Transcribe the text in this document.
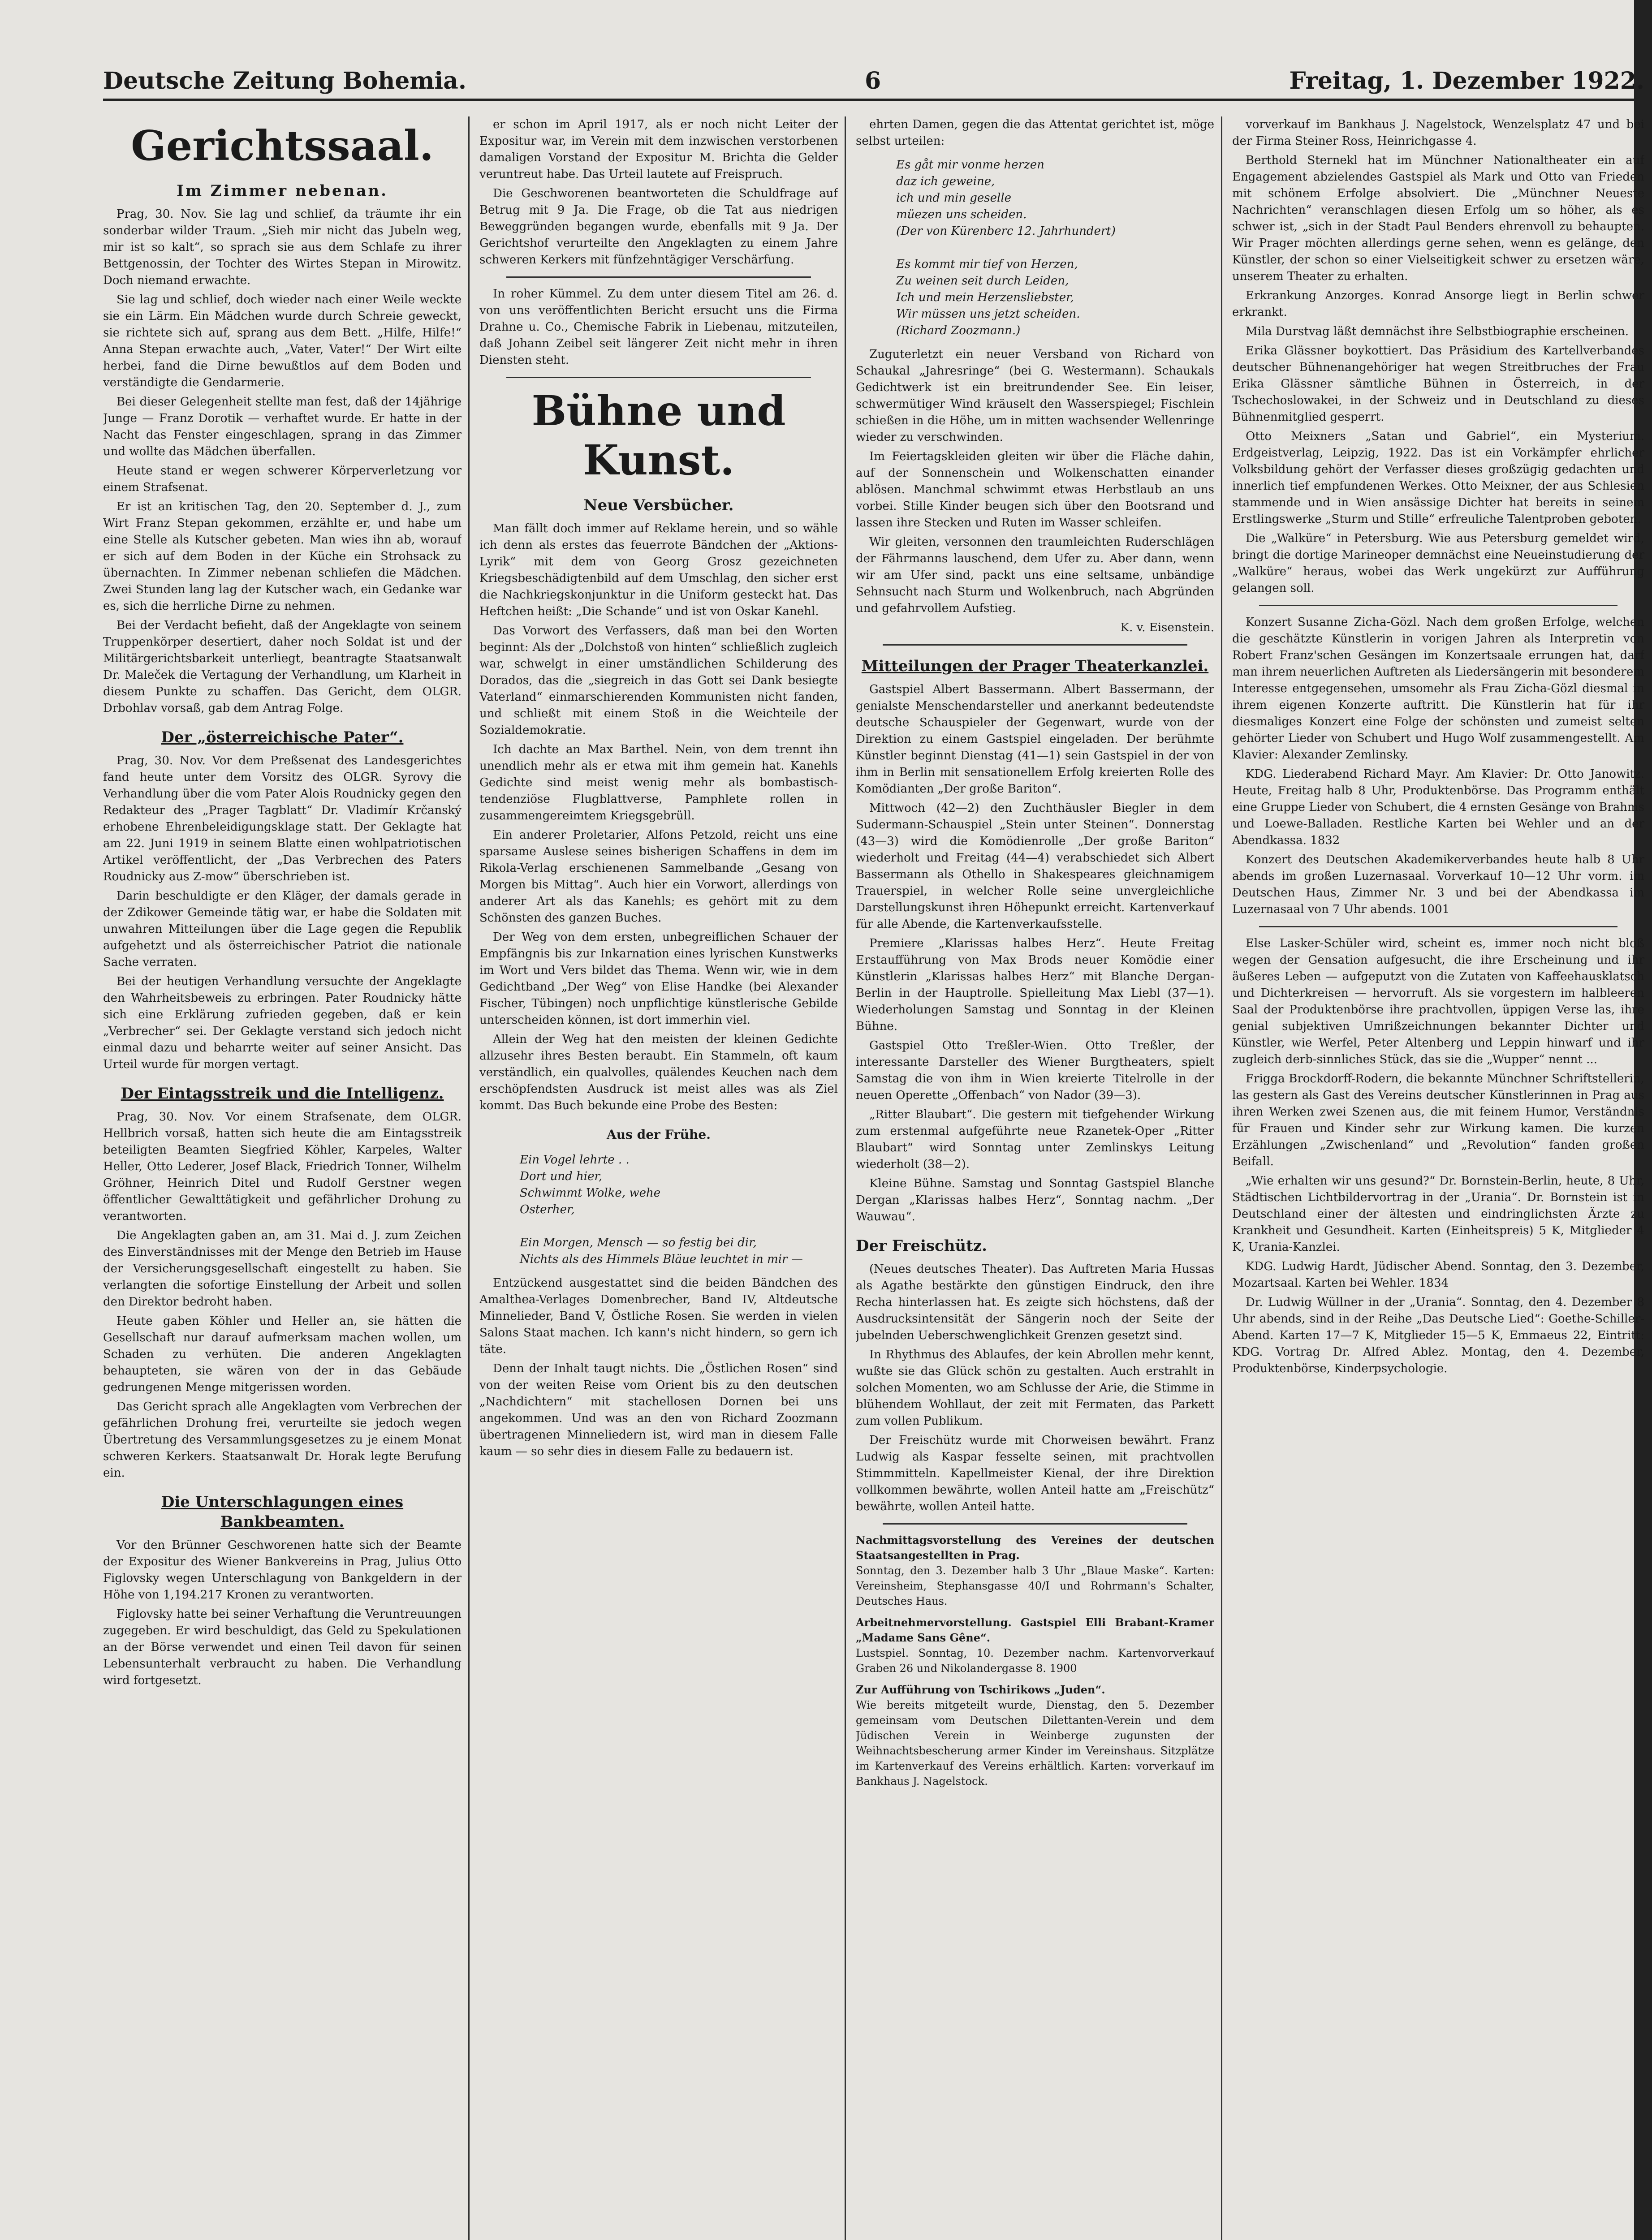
Deutsche Zeitung Bohemia.	6	Freitag, 1. Dezember 1922.
Gerichtssaal.
Im Zimmer nebenan.

Prag, 30. Nov. Sie lag und schlief, da träumte ihr ein sonderbar wilder Traum. „Sieh mir nicht das Jubeln weg, mir ist so kalt“, so sprach sie aus dem Schlafe zu ihrer Bettgenossin, der Tochter des Wirtes Stepan in Mirowitz. Doch niemand erwachte.

Sie lag und schlief, doch wieder nach einer Weile weckte sie ein Lärm. Ein Mädchen wurde durch Schreie geweckt, sie richtete sich auf, sprang aus dem Bett. „Hilfe, Hilfe!“ Anna Stepan erwachte auch, „Vater, Vater!“ Der Wirt eilte herbei, fand die Dirne bewußtlos auf dem Boden und verständigte die Gendarmerie.

Bei dieser Gelegenheit stellte man fest, daß der 14jährige Junge — Franz Dorotik — verhaftet wurde. Er hatte in der Nacht das Fenster eingeschlagen, sprang in das Zimmer und wollte das Mädchen überfallen.

Heute stand er wegen schwerer Körperverletzung vor einem Strafsenat.

Er ist an kritischen Tag, den 20. September d. J., zum Wirt Franz Stepan gekommen, erzählte er, und habe um eine Stelle als Kutscher gebeten. Man wies ihn ab, worauf er sich auf dem Boden in der Küche ein Strohsack zu übernachten. In Zimmer nebenan schliefen die Mädchen. Zwei Stunden lang lag der Kutscher wach, ein Gedanke war es, sich die herrliche Dirne zu nehmen.

Bei der Verdacht befieht, daß der Angeklagte von seinem Truppenkörper desertiert, daher noch Soldat ist und der Militärgerichtsbarkeit unterliegt, beantragte Staatsanwalt Dr. Maleček die Vertagung der Verhandlung, um Klarheit in diesem Punkte zu schaffen. Das Gericht, dem OLGR. Drbohlav vorsaß, gab dem Antrag Folge.

Der „österreichische Pater“.

Prag, 30. Nov. Vor dem Preßsenat des Landesgerichtes fand heute unter dem Vorsitz des OLGR. Syrovy die Verhandlung über die vom Pater Alois Roudnicky gegen den Redakteur des „Prager Tagblatt“ Dr. Vladimír Krčanský erhobene Ehrenbeleidigungsklage statt. Der Geklagte hat am 22. Juni 1919 in seinem Blatte einen wohlpatriotischen Artikel veröffentlicht, der „Das Verbrechen des Paters Roudnicky aus Z-mow“ überschrieben ist.

Darin beschuldigte er den Kläger, der damals gerade in der Zdikower Gemeinde tätig war, er habe die Soldaten mit unwahren Mitteilungen über die Lage gegen die Republik aufgehetzt und als österreichischer Patriot die nationale Sache verraten.

Bei der heutigen Verhandlung versuchte der Angeklagte den Wahrheitsbeweis zu erbringen. Pater Roudnicky hätte sich eine Erklärung zufrieden gegeben, daß er kein „Verbrecher“ sei. Der Geklagte verstand sich jedoch nicht einmal dazu und beharrte weiter auf seiner Ansicht. Das Urteil wurde für morgen vertagt.

Der Eintagsstreik und die Intelligenz.

Prag, 30. Nov. Vor einem Strafsenate, dem OLGR. Hellbrich vorsaß, hatten sich heute die am Eintagsstreik beteiligten Beamten Siegfried Köhler, Karpeles, Walter Heller, Otto Lederer, Josef Black, Friedrich Tonner, Wilhelm Gröhner, Heinrich Ditel und Rudolf Gerstner wegen öffentlicher Gewalttätigkeit und gefährlicher Drohung zu verantworten.

Die Angeklagten gaben an, am 31. Mai d. J. zum Zeichen des Einverständnisses mit der Menge den Betrieb im Hause der Versicherungsgesellschaft eingestellt zu haben. Sie verlangten die sofortige Einstellung der Arbeit und sollen den Direktor bedroht haben.

Heute gaben Köhler und Heller an, sie hätten die Gesellschaft nur darauf aufmerksam machen wollen, um Schaden zu verhüten. Die anderen Angeklagten behaupteten, sie wären von der in das Gebäude gedrungenen Menge mitgerissen worden.

Das Gericht sprach alle Angeklagten vom Verbrechen der gefährlichen Drohung frei, verurteilte sie jedoch wegen Übertretung des Versammlungsgesetzes zu je einem Monat schweren Kerkers. Staatsanwalt Dr. Horak legte Berufung ein.

Die Unterschlagungen eines Bankbeamten.

Vor den Brünner Geschworenen hatte sich der Beamte der Expositur des Wiener Bankvereins in Prag, Julius Otto Figlovsky wegen Unterschlagung von Bankgeldern in der Höhe von 1,194.217 Kronen zu verantworten.

Figlovsky hatte bei seiner Verhaftung die Veruntreuungen zugegeben. Er wird beschuldigt, das Geld zu Spekulationen an der Börse verwendet und einen Teil davon für seinen Lebensunterhalt verbraucht zu haben. Die Verhandlung wird fortgesetzt.

er schon im April 1917, als er noch nicht Leiter der Expositur war, im Verein mit dem inzwischen verstorbenen damaligen Vorstand der Expositur M. Brichta die Gelder veruntreut habe. Das Urteil lautete auf Freispruch.

Die Geschworenen beantworteten die Schuldfrage auf Betrug mit 9 Ja. Die Frage, ob die Tat aus niedrigen Beweggründen begangen wurde, ebenfalls mit 9 Ja. Der Gerichtshof verurteilte den Angeklagten zu einem Jahre schweren Kerkers mit fünfzehntägiger Verschärfung.

In roher Kümmel. Zu dem unter diesem Titel am 26. d. von uns veröffentlichten Bericht ersucht uns die Firma Drahne u. Co., Chemische Fabrik in Liebenau, mitzuteilen, daß Johann Zeibel seit längerer Zeit nicht mehr in ihren Diensten steht.

Bühne und Kunst.
Neue Versbücher.

Man fällt doch immer auf Reklame herein, und so wähle ich denn als erstes das feuerrote Bändchen der „Aktions-Lyrik“ mit dem von Georg Grosz gezeichneten Kriegsbeschädigtenbild auf dem Umschlag, den sicher erst die Nachkriegskonjunktur in die Uniform gesteckt hat. Das Heftchen heißt: „Die Schande“ und ist von Oskar Kanehl.

Das Vorwort des Verfassers, daß man bei den Worten beginnt: Als der „Dolchstoß von hinten“ schließlich zugleich war, schwelgt in einer umständlichen Schilderung des Dorados, das die „siegreich in das Gott sei Dank besiegte Vaterland“ einmarschierenden Kommunisten nicht fanden, und schließt mit einem Stoß in die Weichteile der Sozialdemokratie.

Ich dachte an Max Barthel. Nein, von dem trennt ihn unendlich mehr als er etwa mit ihm gemein hat. Kanehls Gedichte sind meist wenig mehr als bombastisch-tendenziöse Flugblattverse, Pamphlete rollen in zusammengereimtem Kriegsgebrüll.

Ein anderer Proletarier, Alfons Petzold, reicht uns eine sparsame Auslese seines bisherigen Schaffens in dem im Rikola-Verlag erschienenen Sammelbande „Gesang von Morgen bis Mittag“. Auch hier ein Vorwort, allerdings von anderer Art als das Kanehls; es gehört mit zu dem Schönsten des ganzen Buches.

Der Weg von dem ersten, unbegreiflichen Schauer der Empfängnis bis zur Inkarnation eines lyrischen Kunstwerks im Wort und Vers bildet das Thema. Wenn wir, wie in dem Gedichtband „Der Weg“ von Elise Handke (bei Alexander Fischer, Tübingen) noch unpflichtige künstlerische Gebilde unterscheiden können, ist dort immerhin viel.

Allein der Weg hat den meisten der kleinen Gedichte allzusehr ihres Besten beraubt. Ein Stammeln, oft kaum verständlich, ein qualvolles, quälendes Keuchen nach dem erschöpfendsten Ausdruck ist meist alles was als Ziel kommt. Das Buch bekunde eine Probe des Besten:

Aus der Frühe.
Ein Vogel lehrte . .
Dort und hier,
Schwimmt Wolke, wehe
Osterher,

Ein Morgen, Mensch — so festig bei dir,
Nichts als des Himmels Bläue leuchtet in mir —

Entzückend ausgestattet sind die beiden Bändchen des Amalthea-Verlages Domenbrecher, Band IV, Altdeutsche Minnelieder, Band V, Östliche Rosen. Sie werden in vielen Salons Staat machen. Ich kann's nicht hindern, so gern ich täte.

Denn der Inhalt taugt nichts. Die „Östlichen Rosen“ sind von der weiten Reise vom Orient bis zu den deutschen „Nachdichtern“ mit stachellosen Dornen bei uns angekommen. Und was an den von Richard Zoozmann übertragenen Minneliedern ist, wird man in diesem Falle kaum — so sehr dies in diesem Falle zu bedauern ist.

ehrten Damen, gegen die das Attentat gerichtet ist, möge selbst urteilen:

Es gåt mir vonme herzen
daz ich geweine,
ich und min geselle
müezen uns scheiden.
(Der von Kürenberc 12. Jahrhundert)

Es kommt mir tief von Herzen,
Zu weinen seit durch Leiden,
Ich und mein Herzensliebster,
Wir müssen uns jetzt scheiden.
(Richard Zoozmann.)

Zuguterletzt ein neuer Versband von Richard von Schaukal „Jahresringe“ (bei G. Westermann). Schaukals Gedichtwerk ist ein breitrundender See. Ein leiser, schwermütiger Wind kräuselt den Wasserspiegel; Fischlein schießen in die Höhe, um in mitten wachsender Wellenringe wieder zu verschwinden.

Im Feiertagskleiden gleiten wir über die Fläche dahin, auf der Sonnenschein und Wolkenschatten einander ablösen. Manchmal schwimmt etwas Herbstlaub an uns vorbei. Stille Kinder beugen sich über den Bootsrand und lassen ihre Stecken und Ruten im Wasser schleifen.

Wir gleiten, versonnen den traumleichten Ruderschlägen der Fährmanns lauschend, dem Ufer zu. Aber dann, wenn wir am Ufer sind, packt uns eine seltsame, unbändige Sehnsucht nach Sturm und Wolkenbruch, nach Abgründen und gefahrvollem Aufstieg.

K. v. Eisenstein.

Mitteilungen der Prager Theaterkanzlei.

Gastspiel Albert Bassermann. Albert Bassermann, der genialste Menschendarsteller und anerkannt bedeutendste deutsche Schauspieler der Gegenwart, wurde von der Direktion zu einem Gastspiel eingeladen. Der berühmte Künstler beginnt Dienstag (41—1) sein Gastspiel in der von ihm in Berlin mit sensationellem Erfolg kreierten Rolle des Komödianten „Der große Bariton“.

Mittwoch (42—2) den Zuchthäusler Biegler in dem Sudermann-Schauspiel „Stein unter Steinen“. Donnerstag (43—3) wird die Komödienrolle „Der große Bariton“ wiederholt und Freitag (44—4) verabschiedet sich Albert Bassermann als Othello in Shakespeares gleichnamigem Trauerspiel, in welcher Rolle seine unvergleichliche Darstellungskunst ihren Höhepunkt erreicht. Kartenverkauf für alle Abende, die Kartenverkaufsstelle.

Premiere „Klarissas halbes Herz“. Heute Freitag Erstaufführung von Max Brods neuer Komödie einer Künstlerin „Klarissas halbes Herz“ mit Blanche Dergan-Berlin in der Hauptrolle. Spielleitung Max Liebl (37—1). Wiederholungen Samstag und Sonntag in der Kleinen Bühne.

Gastspiel Otto Treßler-Wien. Otto Treßler, der interessante Darsteller des Wiener Burgtheaters, spielt Samstag die von ihm in Wien kreierte Titelrolle in der neuen Operette „Offenbach“ von Nador (39—3).

„Ritter Blaubart“. Die gestern mit tiefgehender Wirkung zum erstenmal aufgeführte neue Rzanetek-Oper „Ritter Blaubart“ wird Sonntag unter Zemlinskys Leitung wiederholt (38—2).

Kleine Bühne. Samstag und Sonntag Gastspiel Blanche Dergan „Klarissas halbes Herz“, Sonntag nachm. „Der Wauwau“.

Der Freischütz.

(Neues deutsches Theater). Das Auftreten Maria Hussas als Agathe bestärkte den günstigen Eindruck, den ihre Recha hinterlassen hat. Es zeigte sich höchstens, daß der Ausdrucksintensität der Sängerin noch der Seite der jubelnden Ueberschwenglichkeit Grenzen gesetzt sind.

In Rhythmus des Ablaufes, der kein Abrollen mehr kennt, wußte sie das Glück schön zu gestalten. Auch erstrahlt in solchen Momenten, wo am Schlusse der Arie, die Stimme in blühendem Wohllaut, der zeit mit Fermaten, das Parkett zum vollen Publikum.

Der Freischütz wurde mit Chorweisen bewährt. Franz Ludwig als Kaspar fesselte seinen, mit prachtvollen Stimmmitteln. Kapellmeister Kienal, der ihre Direktion vollkommen bewährte, wollen Anteil hatte am „Freischütz“ bewährte, wollen Anteil hatte.

Nachmittagsvorstellung des Vereines der deutschen Staatsangestellten in Prag.
Sonntag, den 3. Dezember halb 3 Uhr „Blaue Maske“. Karten: Vereinsheim, Stephansgasse 40/I und Rohrmann's Schalter, Deutsches Haus.
Arbeitnehmervorstellung. Gastspiel Elli Brabant-Kramer „Madame Sans Gêne“.
Lustspiel. Sonntag, 10. Dezember nachm. Kartenvorverkauf Graben 26 und Nikolandergasse 8. 1900
Zur Aufführung von Tschirikows „Juden“.
Wie bereits mitgeteilt wurde, Dienstag, den 5. Dezember gemeinsam vom Deutschen Dilettanten-Verein und dem Jüdischen Verein in Weinberge zugunsten der Weihnachtsbescherung armer Kinder im Vereinshaus. Sitzplätze im Kartenverkauf des Vereins erhältlich. Karten: vorverkauf im Bankhaus J. Nagelstock.

vorverkauf im Bankhaus J. Nagelstock, Wenzelsplatz 47 und bei der Firma Steiner Ross, Heinrichgasse 4.

Berthold Sternekl hat im Münchner Nationaltheater ein auf Engagement abzielendes Gastspiel als Mark und Otto van Frieden mit schönem Erfolge absolviert. Die „Münchner Neueste Nachrichten“ veranschlagen diesen Erfolg um so höher, als es schwer ist, „sich in der Stadt Paul Benders ehrenvoll zu behaupten. Wir Prager möchten allerdings gerne sehen, wenn es gelänge, den Künstler, der schon so einer Vielseitigkeit schwer zu ersetzen wäre, unserem Theater zu erhalten.

Erkrankung Anzorges. Konrad Ansorge liegt in Berlin schwer erkrankt.

Mila Durstvag läßt demnächst ihre Selbstbiographie erscheinen.

Erika Glässner boykottiert. Das Präsidium des Kartellverbandes deutscher Bühnenangehöriger hat wegen Streitbruches der Frau Erika Glässner sämtliche Bühnen in Österreich, in der Tschechoslowakei, in der Schweiz und in Deutschland zu dieses Bühnenmitglied gesperrt.

Otto Meixners „Satan und Gabriel“, ein Mysterium. Erdgeistverlag, Leipzig, 1922. Das ist ein Vorkämpfer ehrlicher Volksbildung gehört der Verfasser dieses großzügig gedachten und innerlich tief empfundenen Werkes. Otto Meixner, der aus Schlesien stammende und in Wien ansässige Dichter hat bereits in seinem Erstlingswerke „Sturm und Stille“ erfreuliche Talentproben geboten.

Die „Walküre“ in Petersburg. Wie aus Petersburg gemeldet wird, bringt die dortige Marineoper demnächst eine Neueinstudierung der „Walküre“ heraus, wobei das Werk ungekürzt zur Aufführung gelangen soll.

Konzert Susanne Zicha-Gözl. Nach dem großen Erfolge, welchen die geschätzte Künstlerin in vorigen Jahren als Interpretin von Robert Franz'schen Gesängen im Konzertsaale errungen hat, darf man ihrem neuerlichen Auftreten als Liedersängerin mit besonderem Interesse entgegensehen, umsomehr als Frau Zicha-Gözl diesmal in ihrem eigenen Konzerte auftritt. Die Künstlerin hat für ihr diesmaliges Konzert eine Folge der schönsten und zumeist selten gehörter Lieder von Schubert und Hugo Wolf zusammengestellt. Am Klavier: Alexander Zemlinsky.

KDG. Liederabend Richard Mayr. Am Klavier: Dr. Otto Janowitz. Heute, Freitag halb 8 Uhr, Produktenbörse. Das Programm enthält eine Gruppe Lieder von Schubert, die 4 ernsten Gesänge von Brahms und Loewe-Balladen. Restliche Karten bei Wehler und an der Abendkassa. 1832

Konzert des Deutschen Akademikerverbandes heute halb 8 Uhr abends im großen Luzernasaal. Vorverkauf 10—12 Uhr vorm. im Deutschen Haus, Zimmer Nr. 3 und bei der Abendkassa im Luzernasaal von 7 Uhr abends. 1001

Else Lasker-Schüler wird, scheint es, immer noch nicht bloß wegen der Gensation aufgesucht, die ihre Erscheinung und ihr äußeres Leben — aufgeputzt von die Zutaten von Kaffeehausklatsch und Dichterkreisen — hervorruft. Als sie vorgestern im halbleeren Saal der Produktenbörse ihre prachtvollen, üppigen Verse las, ihre genial subjektiven Umrißzeichnungen bekannter Dichter und Künstler, wie Werfel, Peter Altenberg und Leppin hinwarf und ihr zugleich derb-sinnliches Stück, das sie die „Wupper“ nennt ...

Frigga Brockdorff-Rodern, die bekannte Münchner Schriftstellerin, las gestern als Gast des Vereins deutscher Künstlerinnen in Prag aus ihren Werken zwei Szenen aus, die mit feinem Humor, Verständnis für Frauen und Kinder sehr zur Wirkung kamen. Die kurzen Erzählungen „Zwischenland“ und „Revolution“ fanden großen Beifall.

„Wie erhalten wir uns gesund?“ Dr. Bornstein-Berlin, heute, 8 Uhr, Städtischen Lichtbildervortrag in der „Urania“. Dr. Bornstein ist in Deutschland einer der ältesten und eindringlichsten Ärzte zu Krankheit und Gesundheit. Karten (Einheitspreis) 5 K, Mitglieder 4 K, Urania-Kanzlei.

KDG. Ludwig Hardt, Jüdischer Abend. Sonntag, den 3. Dezember, Mozartsaal. Karten bei Wehler. 1834

Dr. Ludwig Wüllner in der „Urania“. Sonntag, den 4. Dezember 8 Uhr abends, sind in der Reihe „Das Deutsche Lied“: Goethe-Schiller-Abend. Karten 17—7 K, Mitglieder 15—5 K, Emmaeus 22, Eintritt: KDG. Vortrag Dr. Alfred Ablez. Montag, den 4. Dezember, Produktenbörse, Kinderpsychologie.
